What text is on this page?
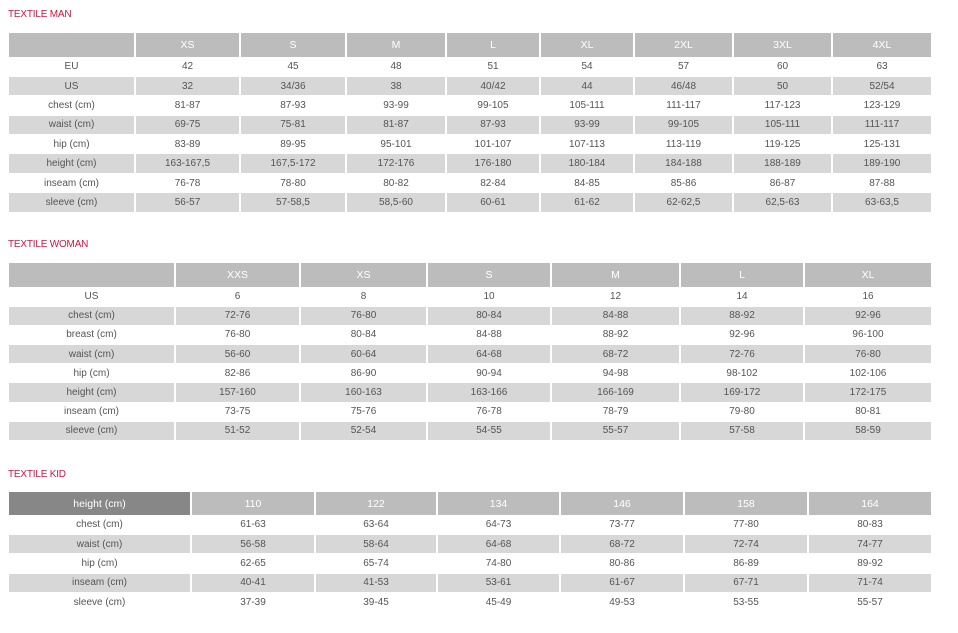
TEXTILE MAN
	XS	S	M	L	XL	2XL	3XL	4XL
EU	42	45	48	51	54	57	60	63
US	32	34/36	38	40/42	44	46/48	50	52/54
chest (cm)	81-87	87-93	93-99	99-105	105-111	111-117	117-123	123-129
waist (cm)	69-75	75-81	81-87	87-93	93-99	99-105	105-111	111-117
hip (cm)	83-89	89-95	95-101	101-107	107-113	113-119	119-125	125-131
height (cm)	163-167,5	167,5-172	172-176	176-180	180-184	184-188	188-189	189-190
inseam (cm)	76-78	78-80	80-82	82-84	84-85	85-86	86-87	87-88
sleeve (cm)	56-57	57-58,5	58,5-60	60-61	61-62	62-62,5	62,5-63	63-63,5
TEXTILE WOMAN
	XXS	XS	S	M	L	XL
US	6	8	10	12	14	16
chest (cm)	72-76	76-80	80-84	84-88	88-92	92-96
breast (cm)	76-80	80-84	84-88	88-92	92-96	96-100
waist (cm)	56-60	60-64	64-68	68-72	72-76	76-80
hip (cm)	82-86	86-90	90-94	94-98	98-102	102-106
height (cm)	157-160	160-163	163-166	166-169	169-172	172-175
inseam (cm)	73-75	75-76	76-78	78-79	79-80	80-81
sleeve (cm)	51-52	52-54	54-55	55-57	57-58	58-59
TEXTILE KID
height (cm)	110	122	134	146	158	164
chest (cm)	61-63	63-64	64-73	73-77	77-80	80-83
waist (cm)	56-58	58-64	64-68	68-72	72-74	74-77
hip (cm)	62-65	65-74	74-80	80-86	86-89	89-92
inseam (cm)	40-41	41-53	53-61	61-67	67-71	71-74
sleeve (cm)	37-39	39-45	45-49	49-53	53-55	55-57
